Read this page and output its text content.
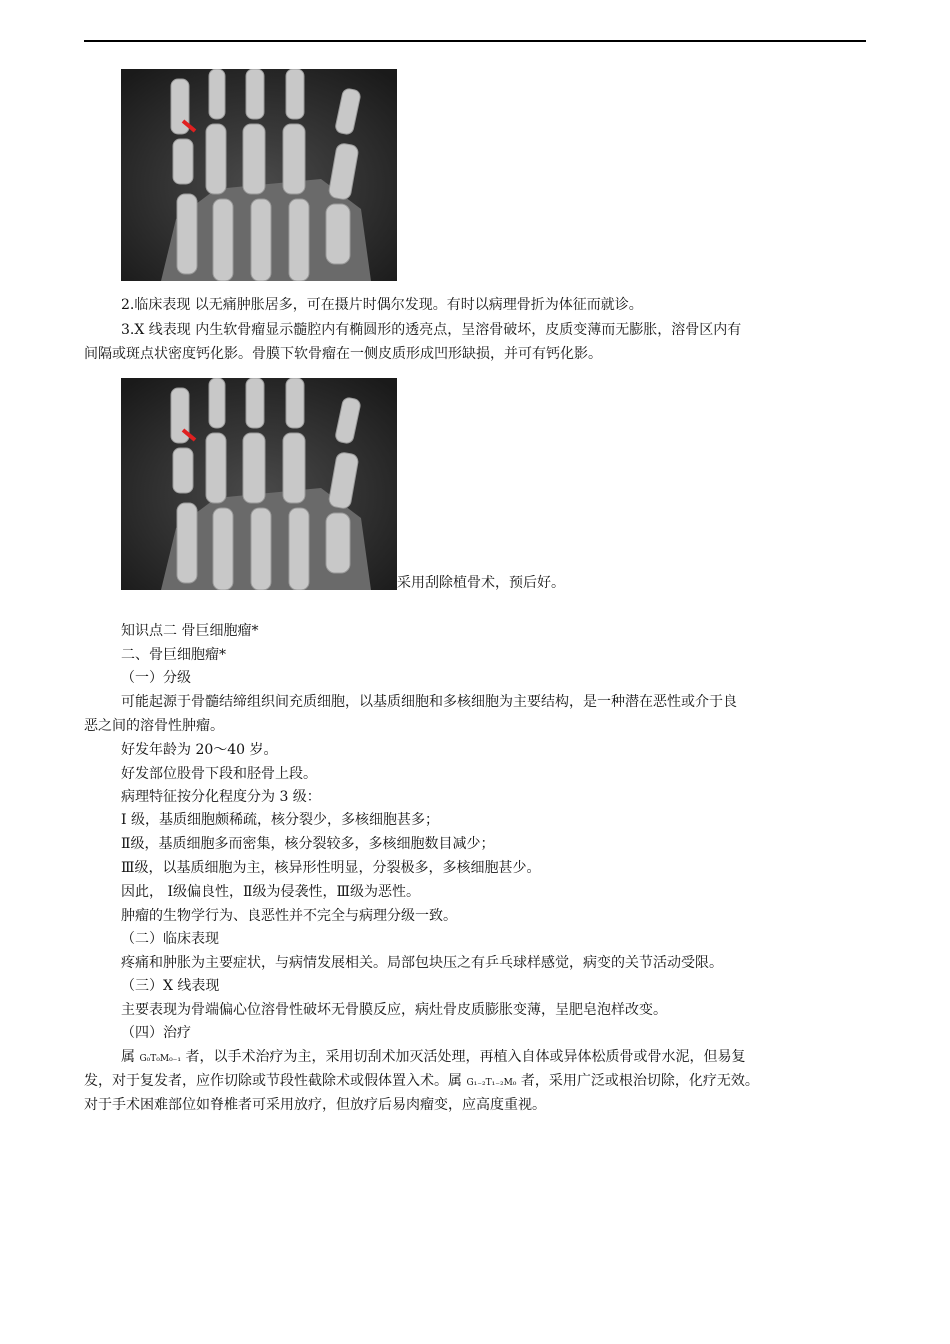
2.临床表现 以无痛肿胀居多，可在摄片时偶尔发现。有时以病理骨折为体征而就诊。
3.X 线表现 内生软骨瘤显示髓腔内有椭圆形的透亮点，呈溶骨破坏，皮质变薄而无膨胀，溶骨区内有
间隔或斑点状密度钙化影。骨膜下软骨瘤在一侧皮质形成凹形缺损，并可有钙化影。
采用刮除植骨术，预后好。
知识点二 骨巨细胞瘤*
二、骨巨细胞瘤*
（一）分级
可能起源于骨髓结缔组织间充质细胞，以基质细胞和多核细胞为主要结构，是一种潜在恶性或介于良
恶之间的溶骨性肿瘤。
好发年龄为 20～40 岁。
好发部位股骨下段和胫骨上段。
病理特征按分化程度分为 3 级：
Ⅰ 级，基质细胞颇稀疏，核分裂少，多核细胞甚多；
Ⅱ级，基质细胞多而密集，核分裂较多，多核细胞数目减少；
Ⅲ级，以基质细胞为主，核异形性明显，分裂极多，多核细胞甚少。
因此， Ⅰ级偏良性，Ⅱ级为侵袭性，Ⅲ级为恶性。
肿瘤的生物学行为、良恶性并不完全与病理分级一致。
（二）临床表现
疼痛和肿胀为主要症状，与病情发展相关。局部包块压之有乒乓球样感觉，病变的关节活动受限。
（三）X 线表现
主要表现为骨端偏心位溶骨性破坏无骨膜反应，病灶骨皮质膨胀变薄，呈肥皂泡样改变。
（四）治疗
属 G₀T₀M₀₋₁ 者，以手术治疗为主，采用切刮术加灭活处理，再植入自体或异体松质骨或骨水泥，但易复
发，对于复发者，应作切除或节段性截除术或假体置入术。属 G₁₋₂T₁₋₂M₀ 者，采用广泛或根治切除，化疗无效。
对于手术困难部位如脊椎者可采用放疗，但放疗后易肉瘤变，应高度重视。
